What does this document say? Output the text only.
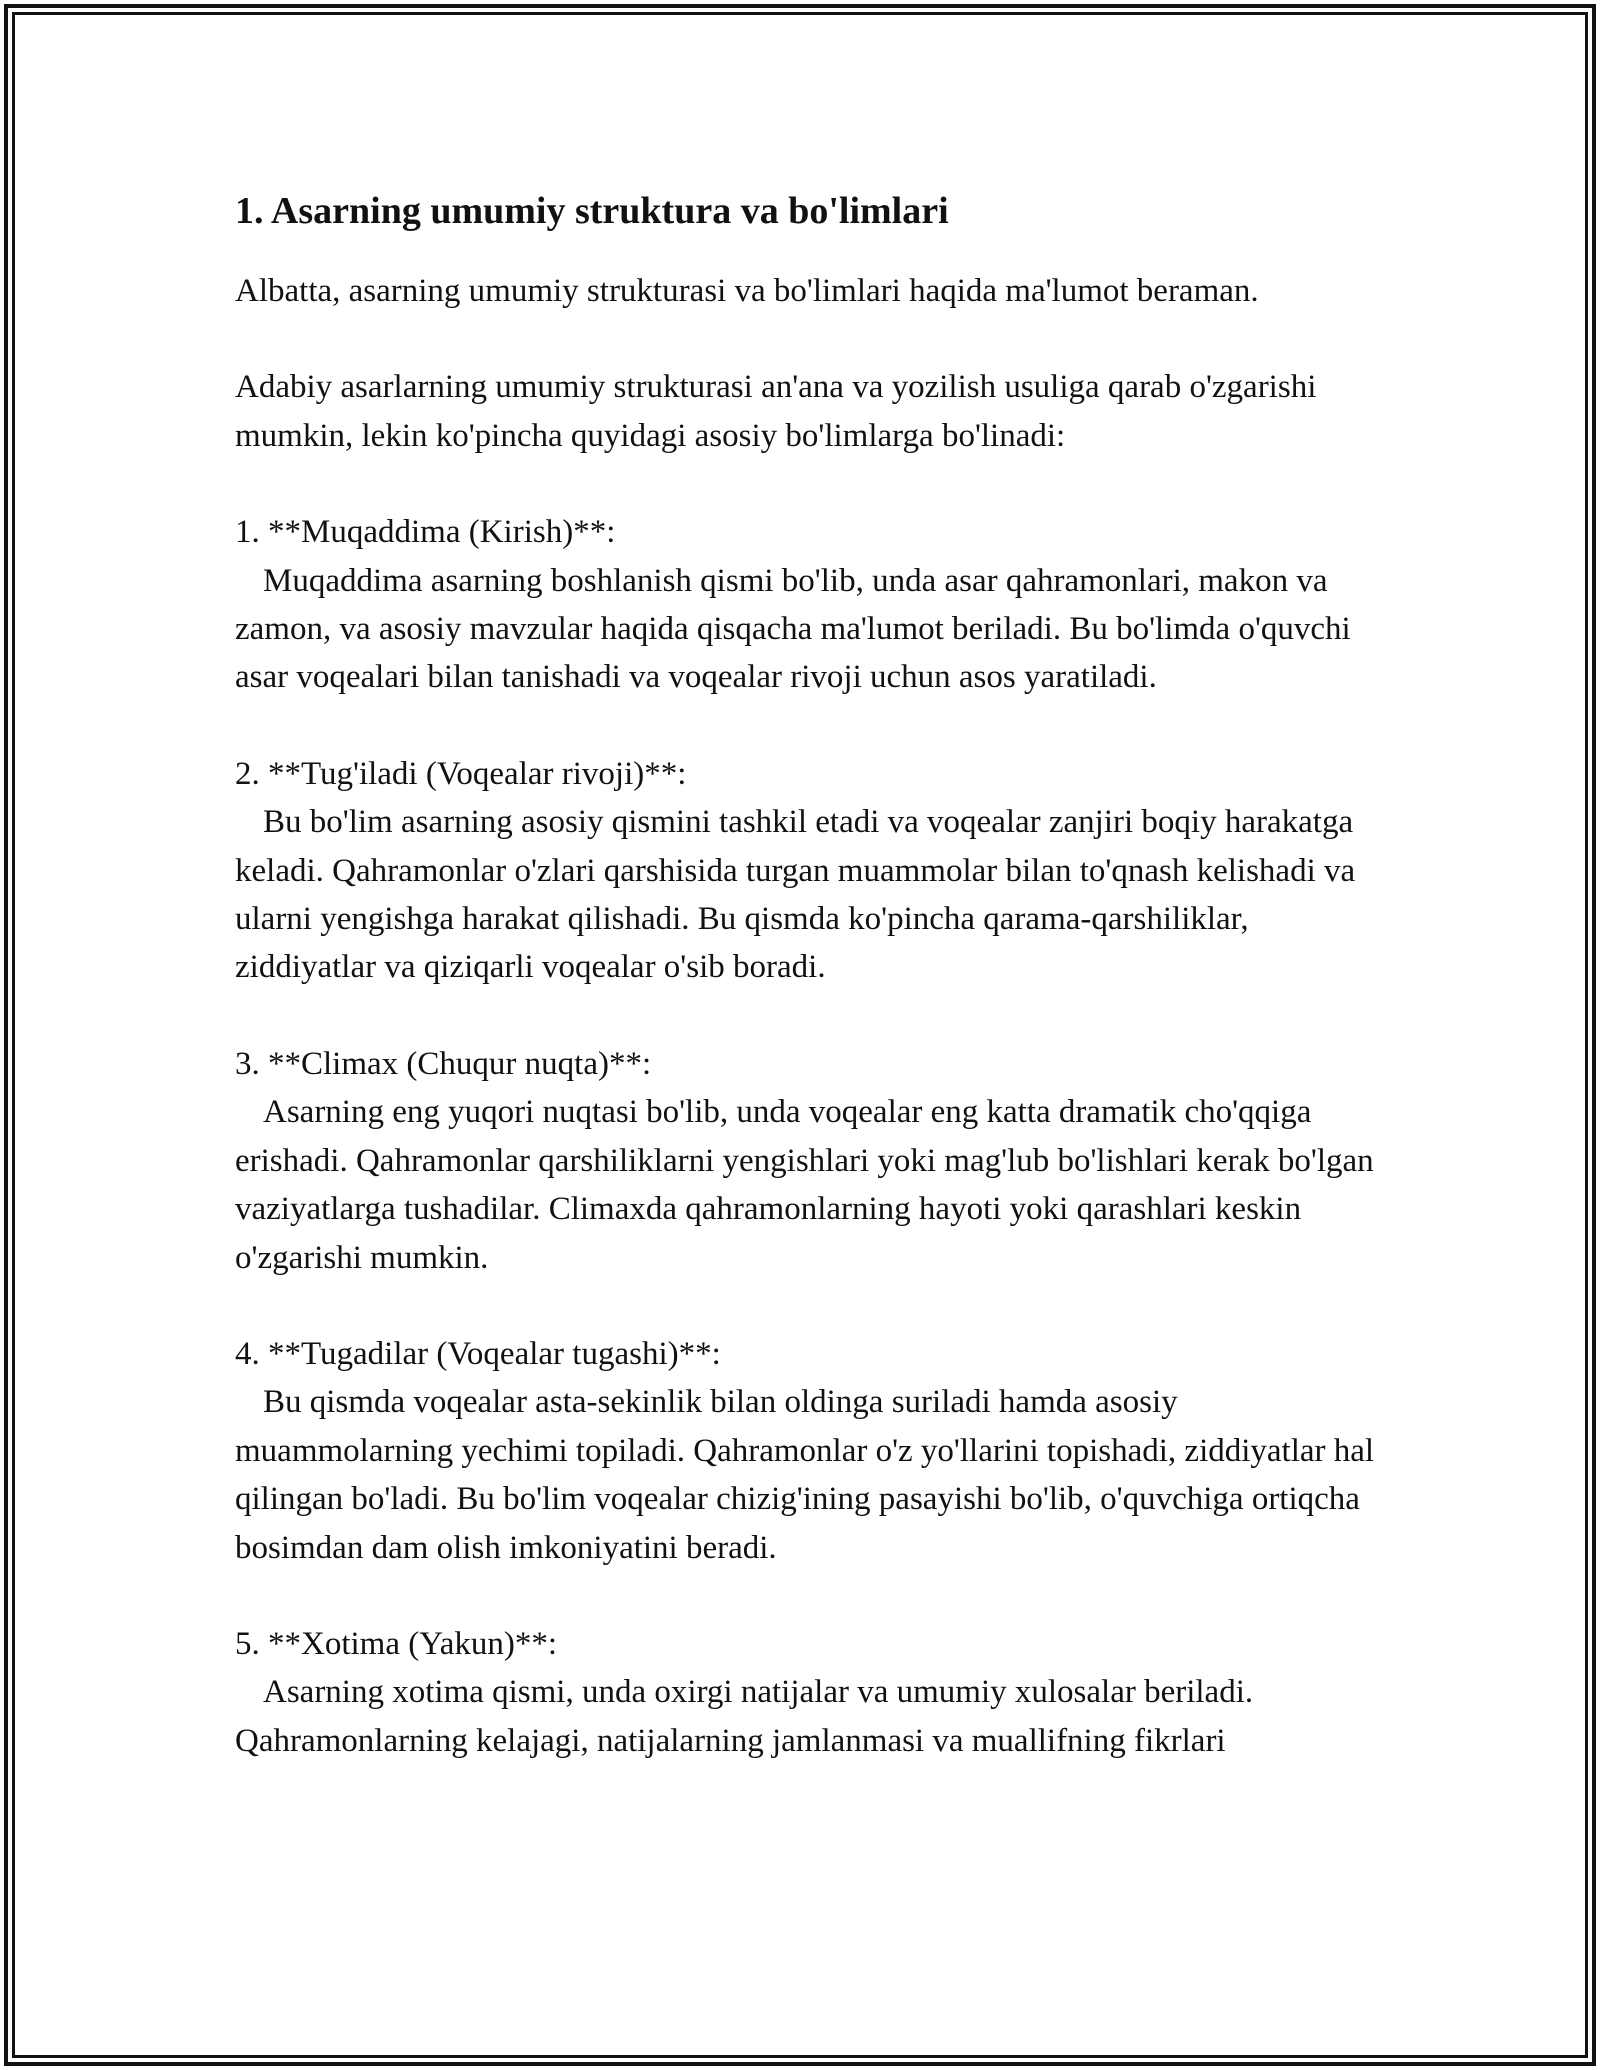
1. Asarning umumiy struktura va bo'limlari

Albatta, asarning umumiy strukturasi va bo'limlari haqida ma'lumot beraman.

Adabiy asarlarning umumiy strukturasi an'ana va yozilish usuliga qarab o'zgarishi mumkin, lekin ko'pincha quyidagi asosiy bo'limlarga bo'linadi:

1. **Muqaddima (Kirish)**:
Muqaddima asarning boshlanish qismi bo'lib, unda asar qahramonlari, makon va zamon, va asosiy mavzular haqida qisqacha ma'lumot beriladi. Bu bo'limda o'quvchi asar voqealari bilan tanishadi va voqealar rivoji uchun asos yaratiladi.
2. **Tug'iladi (Voqealar rivoji)**:
Bu bo'lim asarning asosiy qismini tashkil etadi va voqealar zanjiri boqiy harakatga keladi. Qahramonlar o'zlari qarshisida turgan muammolar bilan to'qnash kelishadi va ularni yengishga harakat qilishadi. Bu qismda ko'pincha qarama-qarshiliklar, ziddiyatlar va qiziqarli voqealar o'sib boradi.
3. **Climax (Chuqur nuqta)**:
Asarning eng yuqori nuqtasi bo'lib, unda voqealar eng katta dramatik cho'qqiga erishadi. Qahramonlar qarshiliklarni yengishlari yoki mag'lub bo'lishlari kerak bo'lgan vaziyatlarga tushadilar. Climaxda qahramonlarning hayoti yoki qarashlari keskin o'zgarishi mumkin.
4. **Tugadilar (Voqealar tugashi)**:
Bu qismda voqealar asta-sekinlik bilan oldinga suriladi hamda asosiy muammolarning yechimi topiladi. Qahramonlar o'z yo'llarini topishadi, ziddiyatlar hal qilingan bo'ladi. Bu bo'lim voqealar chizig'ining pasayishi bo'lib, o'quvchiga ortiqcha bosimdan dam olish imkoniyatini beradi.
5. **Xotima (Yakun)**:
Asarning xotima qismi, unda oxirgi natijalar va umumiy xulosalar beriladi. Qahramonlarning kelajagi, natijalarning jamlanmasi va muallifning fikrlari
